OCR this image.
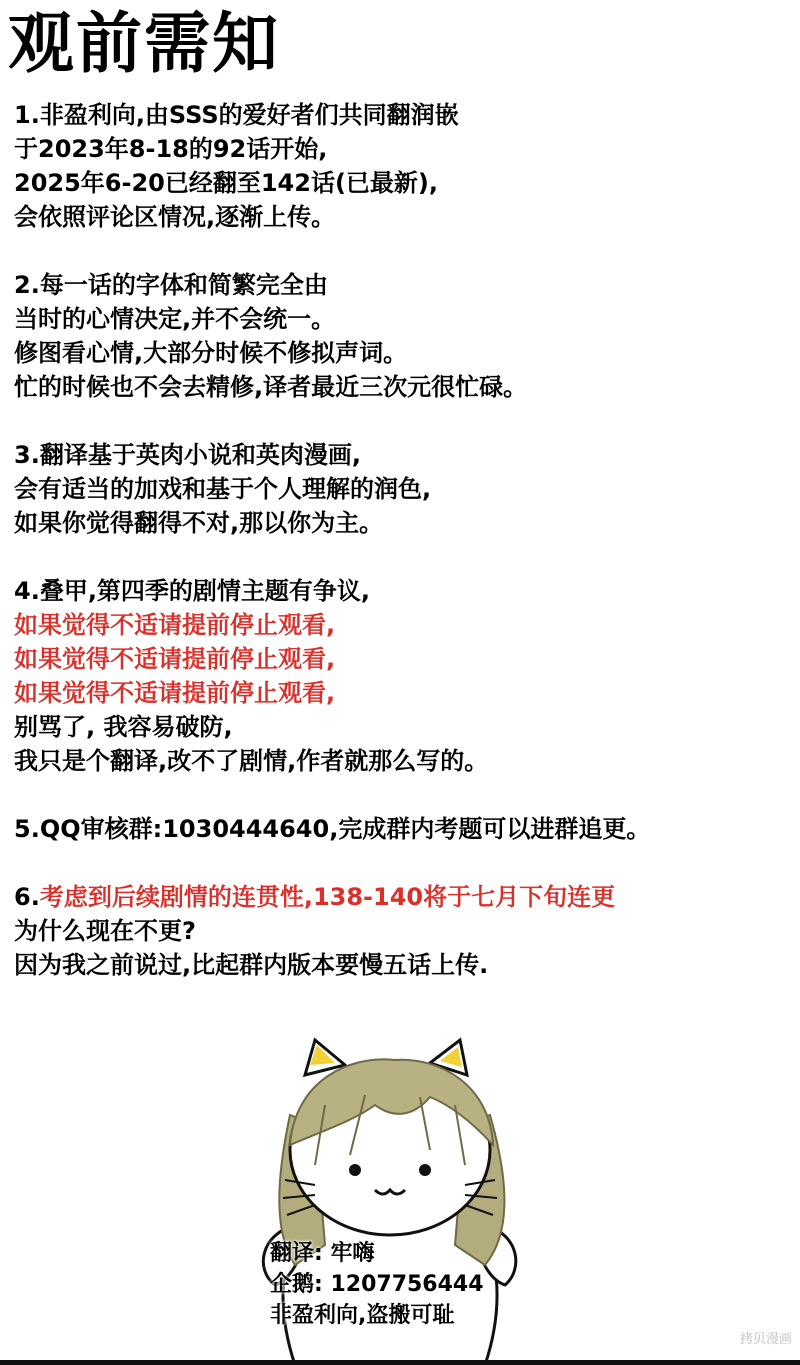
观前需知
1.非盈利向,由SSS的爱好者们共同翻润嵌
于2023年8-18的92话开始,
2025年6-20已经翻至142话(已最新),
会依照评论区情况,逐渐上传。
2.每一话的字体和简繁完全由
当时的心情决定,并不会统一。
修图看心情,大部分时候不修拟声词。
忙的时候也不会去精修,译者最近三次元很忙碌。
3.翻译基于英肉小说和英肉漫画,
会有适当的加戏和基于个人理解的润色,
如果你觉得翻得不对,那以你为主。
4.叠甲,第四季的剧情主题有争议,
如果觉得不适请提前停止观看,
如果觉得不适请提前停止观看,
如果觉得不适请提前停止观看,
别骂了, 我容易破防,
我只是个翻译,改不了剧情,作者就那么写的。
5.QQ审核群:1030444640,完成群内考题可以进群追更。
6.考虑到后续剧情的连贯性,138-140将于七月下旬连更
为什么现在不更?
因为我之前说过,比起群内版本要慢五话上传.
翻译: 牢嗨
企鹅: 1207756444
非盈利向,盗搬可耻
拷贝漫画
